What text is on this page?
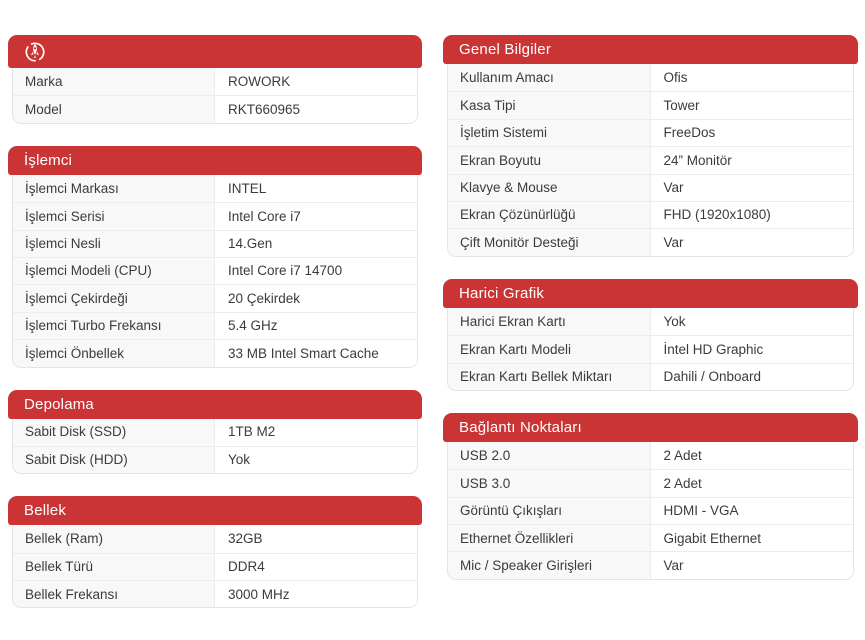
Marka	ROWORK
Model	RKT660965
İşlemci
İşlemci Markası	INTEL
İşlemci Serisi	Intel Core i7
İşlemci Nesli	14.Gen
İşlemci Modeli (CPU)	Intel Core i7 14700
İşlemci Çekirdeği	20 Çekirdek
İşlemci Turbo Frekansı	5.4 GHz
İşlemci Önbellek	33 MB Intel Smart Cache
Depolama
Sabit Disk (SSD)	1TB M2
Sabit Disk (HDD)	Yok
Bellek
Bellek (Ram)	32GB
Bellek Türü	DDR4
Bellek Frekansı	3000 MHz
Genel Bilgiler
Kullanım Amacı	Ofis
Kasa Tipi	Tower
İşletim Sistemi	FreeDos
Ekran Boyutu	24” Monitör
Klavye & Mouse	Var
Ekran Çözünürlüğü	FHD (1920x1080)
Çift Monitör Desteği	Var
Harici Grafik
Harici Ekran Kartı	Yok
Ekran Kartı Modeli	İntel HD Graphic
Ekran Kartı Bellek Miktarı	Dahili / Onboard
Bağlantı Noktaları
USB 2.0	2 Adet
USB 3.0	2 Adet
Görüntü Çıkışları	HDMI - VGA
Ethernet Özellikleri	Gigabit Ethernet
Mic / Speaker Girişleri	Var
